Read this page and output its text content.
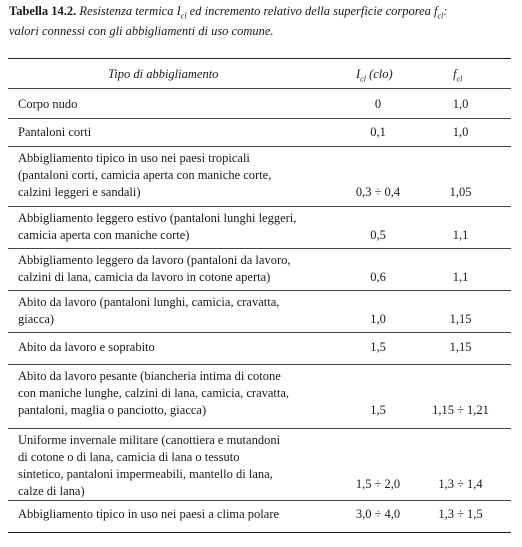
Tabella 14.2. Resistenza termica $I_{cl}$ ed incremento relativo della superficie corporea $f_{cl}$:
valori connessi con gli abbigliamenti di uso comune.
Tipo di abbigliamento	$I_{cl}$ (clo)	$f_{cl}$
Corpo nudo	0	1,0
Pantaloni corti	0,1	1,0
Abbigliamento tipico in uso nei paesi tropicali
(pantaloni corti, camicia aperta con maniche corte,
calzini leggeri e sandali)	0,3 ÷ 0,4	1,05
Abbigliamento leggero estivo (pantaloni lunghi leggeri,
camicia aperta con maniche corte)	0,5	1,1
Abbigliamento leggero da lavoro (pantaloni da lavoro,
calzini di lana, camicia da lavoro in cotone aperta)	0,6	1,1
Abito da lavoro (pantaloni lunghi, camicia, cravatta,
giacca)	1,0	1,15
Abito da lavoro e soprabito	1,5	1,15
Abito da lavoro pesante (biancheria intima di cotone
con maniche lunghe, calzini di lana, camicia, cravatta,
pantaloni, maglia o panciotto, giacca)	1,5	1,15 ÷ 1,21
Uniforme invernale militare (canottiera e mutandoni
di cotone o di lana, camicia di lana o tessuto
sintetico, pantaloni impermeabili, mantello di lana,
calze di lana)	1,5 ÷ 2,0	1,3 ÷ 1,4
Abbigliamento tipico in uso nei paesi a clima polare	3,0 ÷ 4,0	1,3 ÷ 1,5
